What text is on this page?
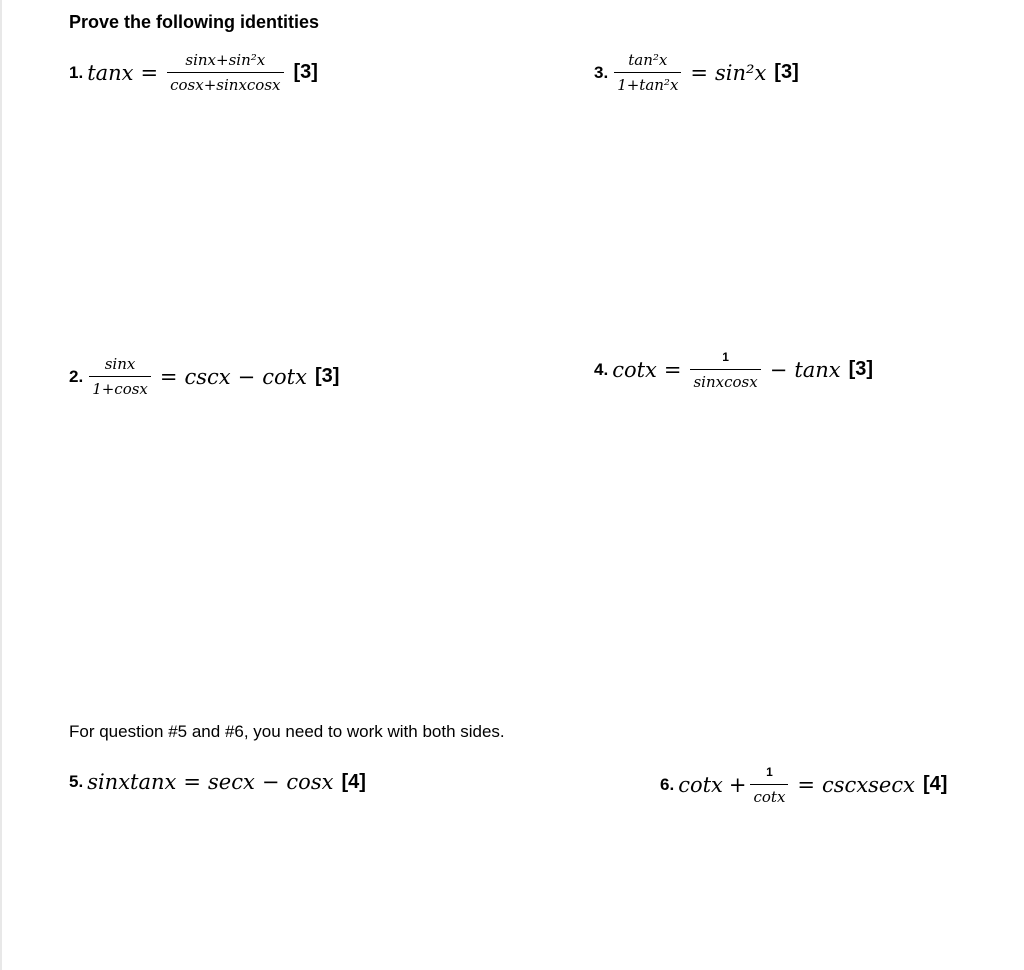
Prove the following identities
1. $\tan x = \frac{\text{sinx+sin²x}}{\text{cosx+sinxcosx}} [3]$	3. $\frac{\text{tan²x}}{\text{1+tan²x}} = \sin^2x$ [3]
2. $\frac{\sin x}{1+\cos x} = \csc x - \cot x$ [3]	4. $\cot x = \frac{1}{\text{sinxcosx}} - \tan x$ [3]
For question #5 and #6, you need to work with both sides.
5. sinxtanx = secx − cosx [4]	6. $\cot x + \frac{1}{\cot x}$ = cscxsecx [4]
